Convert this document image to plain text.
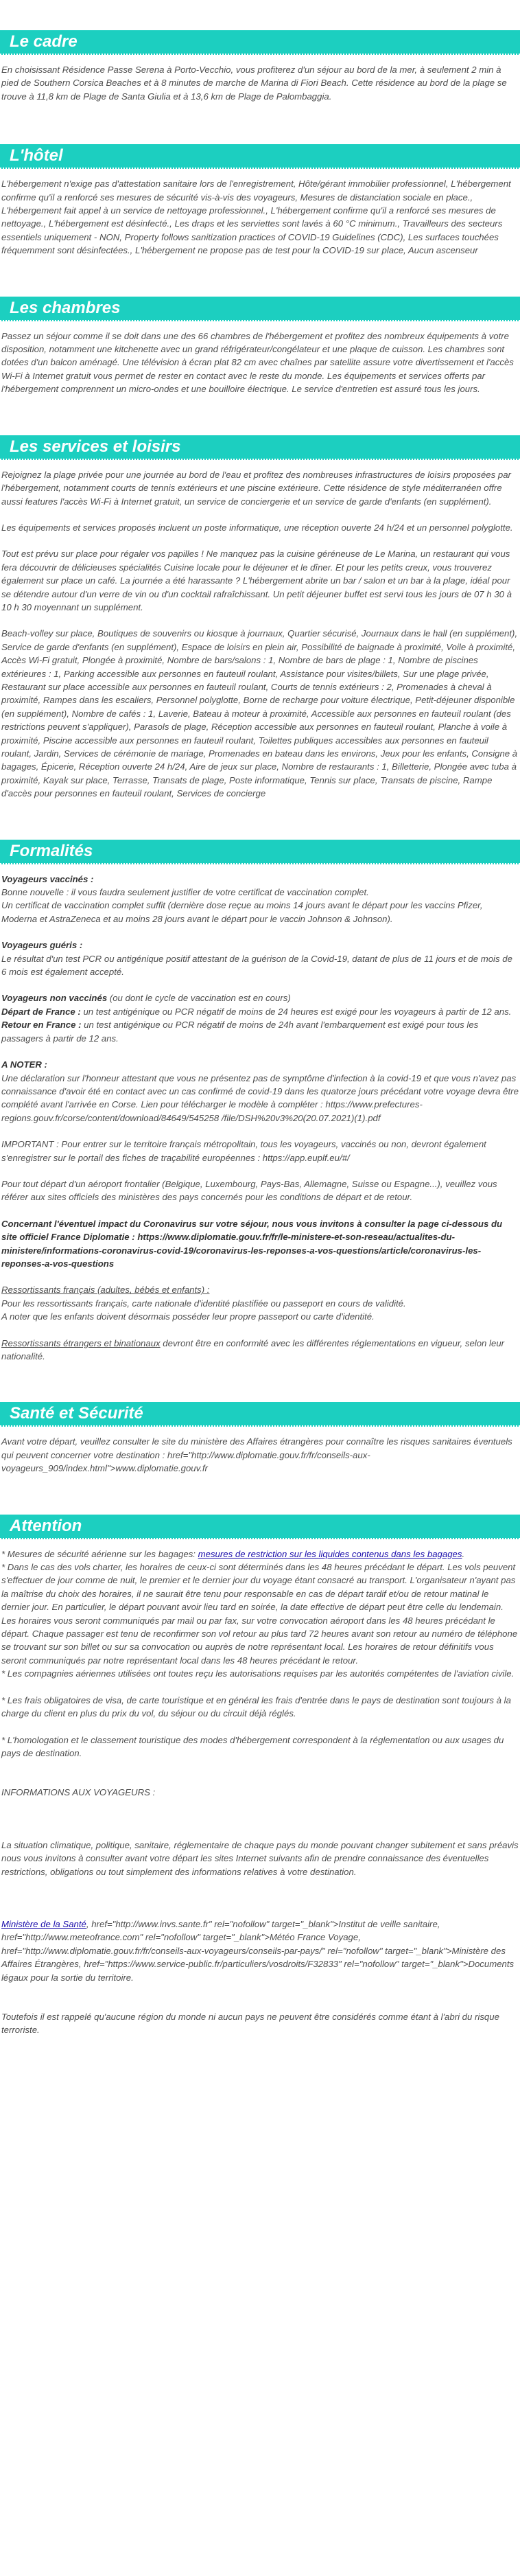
Le cadre

En choisissant Résidence Passe Serena à Porto-Vecchio, vous profiterez d'un séjour au bord de la mer, à seulement 2 min à pied de Southern Corsica Beaches et à 8 minutes de marche de Marina di Fiori Beach. Cette résidence au bord de la plage se trouve à 11,8 km de Plage de Santa Giulia et à 13,6 km de Plage de Palombaggia.

L'hôtel

L'hébergement n'exige pas d'attestation sanitaire lors de l'enregistrement, Hôte/gérant immobilier professionnel, L'hébergement confirme qu'il a renforcé ses mesures de sécurité vis-à-vis des voyageurs, Mesures de distanciation sociale en place., L'hébergement fait appel à un service de nettoyage professionnel., L'hébergement confirme qu'il a renforcé ses mesures de nettoyage., L'hébergement est désinfecté., Les draps et les serviettes sont lavés à 60 °C minimum., Travailleurs des secteurs essentiels uniquement - NON, Property follows sanitization practices of COVID-19 Guidelines (CDC), Les surfaces touchées fréquemment sont désinfectées., L'hébergement ne propose pas de test pour la COVID-19 sur place, Aucun ascenseur

Les chambres

Passez un séjour comme il se doit dans une des 66 chambres de l'hébergement et profitez des nombreux équipements à votre disposition, notamment une kitchenette avec un grand réfrigérateur/congélateur et une plaque de cuisson. Les chambres sont dotées d'un balcon aménagé. Une télévision à écran plat 82 cm avec chaînes par satellite assure votre divertissement et l'accès Wi-Fi à Internet gratuit vous permet de rester en contact avec le reste du monde. Les équipements et services offerts par l'hébergement comprennent un micro-ondes et une bouilloire électrique. Le service d'entretien est assuré tous les jours.

Les services et loisirs

Rejoignez la plage privée pour une journée au bord de l'eau et profitez des nombreuses infrastructures de loisirs proposées par l'hébergement, notamment courts de tennis extérieurs et une piscine extérieure. Cette résidence de style méditerranéen offre aussi features l'accès Wi-Fi à Internet gratuit, un service de conciergerie et un service de garde d'enfants (en supplément).

Les équipements et services proposés incluent un poste informatique, une réception ouverte 24 h/24 et un personnel polyglotte.

Tout est prévu sur place pour régaler vos papilles ! Ne manquez pas la cuisine géréneuse de Le Marina, un restaurant qui vous fera découvrir de délicieuses spécialités Cuisine locale pour le déjeuner et le dîner. Et pour les petits creux, vous trouverez également sur place un café. La journée a été harassante ? L'hébergement abrite un bar / salon et un bar à la plage, idéal pour se détendre autour d'un verre de vin ou d'un cocktail rafraîchissant. Un petit déjeuner buffet est servi tous les jours de 07 h 30 à 10 h 30 moyennant un supplément.

Beach-volley sur place, Boutiques de souvenirs ou kiosque à journaux, Quartier sécurisé, Journaux dans le hall (en supplément), Service de garde d'enfants (en supplément), Espace de loisirs en plein air, Possibilité de baignade à proximité, Voile à proximité, Accès Wi-Fi gratuit, Plongée à proximité, Nombre de bars/salons : 1, Nombre de bars de plage : 1, Nombre de piscines extérieures : 1, Parking accessible aux personnes en fauteuil roulant, Assistance pour visites/billets, Sur une plage privée, Restaurant sur place accessible aux personnes en fauteuil roulant, Courts de tennis extérieurs : 2, Promenades à cheval à proximité, Rampes dans les escaliers, Personnel polyglotte, Borne de recharge pour voiture électrique, Petit-déjeuner disponible (en supplément), Nombre de cafés : 1, Laverie, Bateau à moteur à proximité, Accessible aux personnes en fauteuil roulant (des restrictions peuvent s'appliquer), Parasols de plage, Réception accessible aux personnes en fauteuil roulant, Planche à voile à proximité, Piscine accessible aux personnes en fauteuil roulant, Toilettes publiques accessibles aux personnes en fauteuil roulant, Jardin, Services de cérémonie de mariage, Promenades en bateau dans les environs, Jeux pour les enfants, Consigne à bagages, Épicerie, Réception ouverte 24 h/24, Aire de jeux sur place, Nombre de restaurants : 1, Billetterie, Plongée avec tuba à proximité, Kayak sur place, Terrasse, Transats de plage, Poste informatique, Tennis sur place, Transats de piscine, Rampe d'accès pour personnes en fauteuil roulant, Services de concierge

Formalités

Voyageurs vaccinés :

Bonne nouvelle : il vous faudra seulement justifier de votre certificat de vaccination complet.

Un certificat de vaccination complet suffit (dernière dose reçue au moins 14 jours avant le départ pour les vaccins Pfizer, Moderna et AstraZeneca et au moins 28 jours avant le départ pour le vaccin Johnson & Johnson).

Voyageurs guéris :

Le résultat d'un test PCR ou antigénique positif attestant de la guérison de la Covid-19, datant de plus de 11 jours et de mois de 6 mois est également accepté.

Voyageurs non vaccinés (ou dont le cycle de vaccination est en cours)

Départ de France : un test antigénique ou PCR négatif de moins de 24 heures est exigé pour les voyageurs à partir de 12 ans.

Retour en France : un test antigénique ou PCR négatif de moins de 24h avant l'embarquement est exigé pour tous les passagers à partir de 12 ans.

A NOTER :

Une déclaration sur l'honneur attestant que vous ne présentez pas de symptôme d'infection à la covid-19 et que vous n'avez pas connaissance d'avoir été en contact avec un cas confirmé de covid-19 dans les quatorze jours précédant votre voyage devra être complété avant l'arrivée en Corse. Lien pour télécharger le modèle à compléter : https://www.prefectures-regions.gouv.fr/corse/content/download/84649/545258 /file/DSH%20v3%20(20.07.2021)(1).pdf

IMPORTANT : Pour entrer sur le territoire français métropolitain, tous les voyageurs, vaccinés ou non, devront également s'enregistrer sur le portail des fiches de traçabilité européennes : https://app.euplf.eu/#/

Pour tout départ d'un aéroport frontalier (Belgique, Luxembourg, Pays-Bas, Allemagne, Suisse ou Espagne...), veuillez vous référer aux sites officiels des ministères des pays concernés pour les conditions de départ et de retour.

Concernant l'éventuel impact du Coronavirus sur votre séjour, nous vous invitons à consulter la page ci-dessous du site officiel France Diplomatie : https://www.diplomatie.gouv.fr/fr/le-ministere-et-son-reseau/actualites-du-ministere/informations-coronavirus-covid-19/coronavirus-les-reponses-a-vos-questions/article/coronavirus-les-reponses-a-vos-questions

Ressortissants français (adultes, bébés et enfants) :

Pour les ressortissants français, carte nationale d'identité plastifiée ou passeport en cours de validité.

A noter que les enfants doivent désormais posséder leur propre passeport ou carte d'identité.

Ressortissants étrangers et binationaux devront être en conformité avec les différentes réglementations en vigueur, selon leur nationalité.

Santé et Sécurité

Avant votre départ, veuillez consulter le site du ministère des Affaires étrangères pour connaître les risques sanitaires éventuels qui peuvent concerner votre destination : href="http://www.diplomatie.gouv.fr/fr/conseils-aux-voyageurs_909/index.html">www.diplomatie.gouv.fr

Attention

* Mesures de sécurité aérienne sur les bagages: mesures de restriction sur les liquides contenus dans les bagages.

* Dans le cas des vols charter, les horaires de ceux-ci sont déterminés dans les 48 heures précédant le départ. Les vols peuvent s'effectuer de jour comme de nuit, le premier et le dernier jour du voyage étant consacré au transport. L'organisateur n'ayant pas la maîtrise du choix des horaires, il ne saurait être tenu pour responsable en cas de départ tardif et/ou de retour matinal le dernier jour. En particulier, le départ pouvant avoir lieu tard en soirée, la date effective de départ peut être celle du lendemain. Les horaires vous seront communiqués par mail ou par fax, sur votre convocation aéroport dans les 48 heures précédant le départ. Chaque passager est tenu de reconfirmer son vol retour au plus tard 72 heures avant son retour au numéro de téléphone se trouvant sur son billet ou sur sa convocation ou auprès de notre représentant local. Les horaires de retour définitifs vous seront communiqués par notre représentant local dans les 48 heures précédant le retour.

* Les compagnies aériennes utilisées ont toutes reçu les autorisations requises par les autorités compétentes de l'aviation civile.

* Les frais obligatoires de visa, de carte touristique et en général les frais d'entrée dans le pays de destination sont toujours à la charge du client en plus du prix du vol, du séjour ou du circuit déjà réglés.

* L'homologation et le classement touristique des modes d'hébergement correspondent à la réglementation ou aux usages du pays de destination.

INFORMATIONS AUX VOYAGEURS :

La situation climatique, politique, sanitaire, réglementaire de chaque pays du monde pouvant changer subitement et sans préavis

nous vous invitons à consulter avant votre départ les sites Internet suivants afin de prendre connaissance des éventuelles restrictions, obligations ou tout simplement des informations relatives à votre destination.

Ministère de la Santé, href="http://www.invs.sante.fr" rel="nofollow" target="_blank">Institut de veille sanitaire, href="http://www.meteofrance.com" rel="nofollow" target="_blank">Météo France Voyage, href="http://www.diplomatie.gouv.fr/fr/conseils-aux-voyageurs/conseils-par-pays/" rel="nofollow" target="_blank">Ministère des Affaires Étrangères, href="https://www.service-public.fr/particuliers/vosdroits/F32833" rel="nofollow" target="_blank">Documents légaux pour la sortie du territoire.

Toutefois il est rappelé qu'aucune région du monde ni aucun pays ne peuvent être considérés comme étant à l'abri du risque terroriste.
